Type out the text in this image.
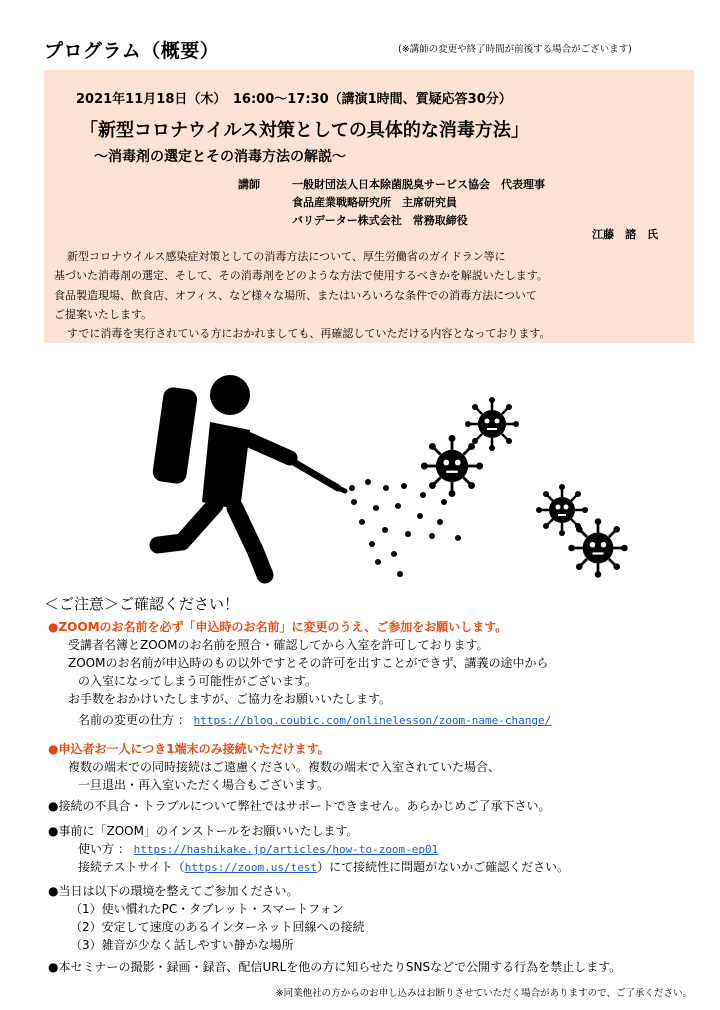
プログラム（概要）	(※講師の変更や終了時間が前後する場合がございます)
2021年11月18日（木）　16:00～17:30（講演1時間、質疑応答30分）
「新型コロナウイルス対策としての具体的な消毒方法」
～消毒剤の選定とその消毒方法の解説～
講師	一般財団法人日本除菌脱臭サービス協会　代表理事
食品産業戦略研究所　主席研究員
バリデーター株式会社　常務取締役
江藤　諮　氏

　新型コロナウイルス感染症対策としての消毒方法について、厚生労働省のガイドラン等に

基づいた消毒剤の選定、そして、その消毒剤をどのような方法で使用するべきかを解説いたします。

食品製造現場、飲食店、オフィス、など様々な場所、またはいろいろな条件での消毒方法について

ご提案いたします。

　すでに消毒を実行されている方におかれましても、再確認していただける内容となっております。

＜ご注意＞ご確認ください！
●ZOOMのお名前を必ず「申込時のお名前」に変更のうえ、ご参加をお願いします。
受講者名簿とZOOMのお名前を照合・確認してから入室を許可しております。
ZOOMのお名前が申込時のもの以外ですとその許可を出すことができず、講義の途中から
の入室になってしまう可能性がございます。
お手数をおかけいたしますが、ご協力をお願いいたします。
名前の変更の仕方 ： https://blog.coubic.com/onlinelesson/zoom-name-change/
●申込者お一人につき1端末のみ接続いただけます。
複数の端末での同時接続はご遠慮ください。複数の端末で入室されていた場合、
一旦退出・再入室いただく場合もございます。
●接続の不具合・トラブルについて弊社ではサポートできません。あらかじめご了承下さい。
●事前に「ZOOM」のインストールをお願いいたします。
使い方 ： https://hashikake.jp/articles/how-to-zoom-ep01
接続テストサイト（https://zoom.us/test）にて接続性に問題がないかご確認ください。
●当日は以下の環境を整えてご参加ください。
（1）使い慣れたPC・タブレット・スマートフォン
（2）安定して速度のあるインターネット回線への接続
（3）雑音が少なく話しやすい静かな場所
●本セミナーの撮影・録画・録音、配信URLを他の方に知らせたりSNSなどで公開する行為を禁止します。
※同業他社の方からのお申し込みはお断りさせていただく場合がありますので、ご了承ください。
